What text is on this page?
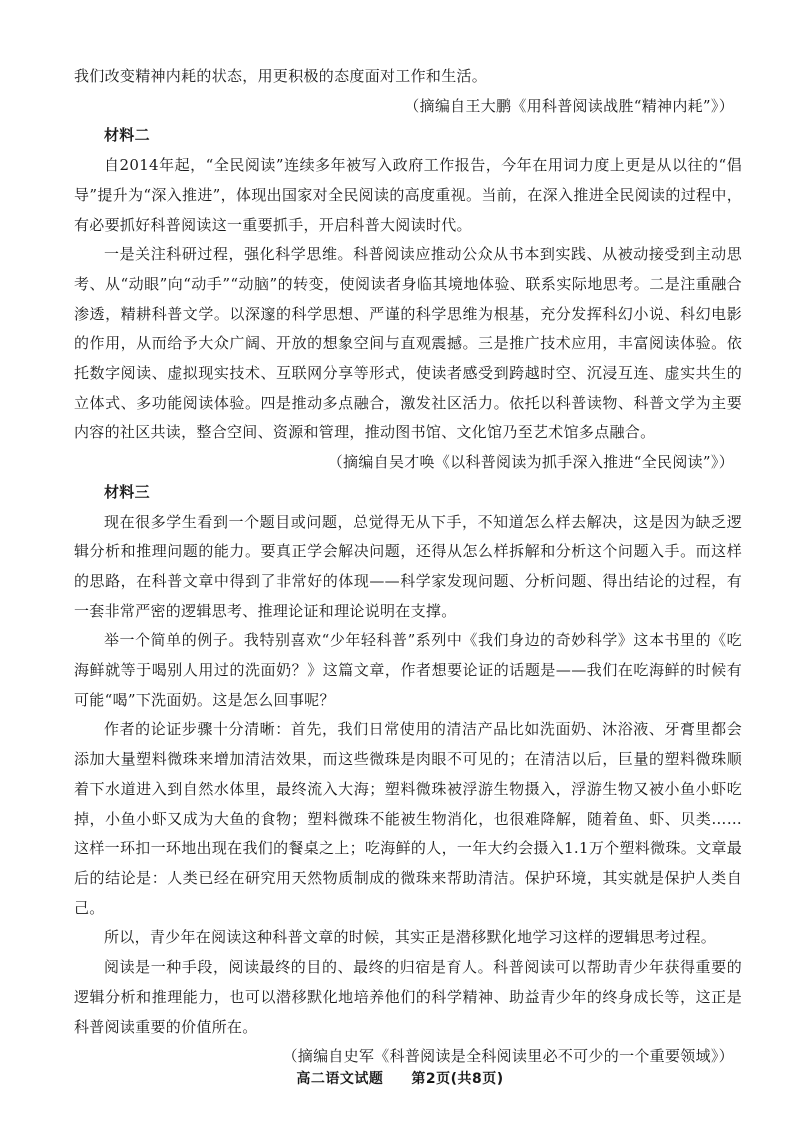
我们改变精神内耗的状态，用更积极的态度面对工作和生活。

（摘编自王大鹏《用科普阅读战胜“精神内耗”》）

材料二

自2014年起，“全民阅读”连续多年被写入政府工作报告，今年在用词力度上更是从以往的“倡导”提升为“深入推进”，体现出国家对全民阅读的高度重视。当前，在深入推进全民阅读的过程中，有必要抓好科普阅读这一重要抓手，开启科普大阅读时代。

一是关注科研过程，强化科学思维。科普阅读应推动公众从书本到实践、从被动接受到主动思考、从“动眼”向“动手”“动脑”的转变，使阅读者身临其境地体验、联系实际地思考。二是注重融合渗透，精耕科普文学。以深邃的科学思想、严谨的科学思维为根基，充分发挥科幻小说、科幻电影的作用，从而给予大众广阔、开放的想象空间与直观震撼。三是推广技术应用，丰富阅读体验。依托数字阅读、虚拟现实技术、互联网分享等形式，使读者感受到跨越时空、沉浸互连、虚实共生的立体式、多功能阅读体验。四是推动多点融合，激发社区活力。依托以科普读物、科普文学为主要内容的社区共读，整合空间、资源和管理，推动图书馆、文化馆乃至艺术馆多点融合。

（摘编自吴才唤《以科普阅读为抓手深入推进“全民阅读”》）

材料三

现在很多学生看到一个题目或问题，总觉得无从下手，不知道怎么样去解决，这是因为缺乏逻辑分析和推理问题的能力。要真正学会解决问题，还得从怎么样拆解和分析这个问题入手。而这样的思路，在科普文章中得到了非常好的体现——科学家发现问题、分析问题、得出结论的过程，有一套非常严密的逻辑思考、推理论证和理论说明在支撑。

举一个简单的例子。我特别喜欢“少年轻科普”系列中《我们身边的奇妙科学》这本书里的《吃海鲜就等于喝别人用过的洗面奶？》这篇文章，作者想要论证的话题是——我们在吃海鲜的时候有可能“喝”下洗面奶。这是怎么回事呢？

作者的论证步骤十分清晰：首先，我们日常使用的清洁产品比如洗面奶、沐浴液、牙膏里都会添加大量塑料微珠来增加清洁效果，而这些微珠是肉眼不可见的；在清洁以后，巨量的塑料微珠顺着下水道进入到自然水体里，最终流入大海；塑料微珠被浮游生物摄入，浮游生物又被小鱼小虾吃掉，小鱼小虾又成为大鱼的食物；塑料微珠不能被生物消化，也很难降解，随着鱼、虾、贝类……这样一环扣一环地出现在我们的餐桌之上；吃海鲜的人，一年大约会摄入1.1万个塑料微珠。文章最后的结论是：人类已经在研究用天然物质制成的微珠来帮助清洁。保护环境，其实就是保护人类自己。

所以，青少年在阅读这种科普文章的时候，其实正是潜移默化地学习这样的逻辑思考过程。

阅读是一种手段，阅读最终的目的、最终的归宿是育人。科普阅读可以帮助青少年获得重要的逻辑分析和推理能力，也可以潜移默化地培养他们的科学精神、助益青少年的终身成长等，这正是科普阅读重要的价值所在。

（摘编自史军《科普阅读是全科阅读里必不可少的一个重要领域》）

高二语文试题 第2页(共8页)
